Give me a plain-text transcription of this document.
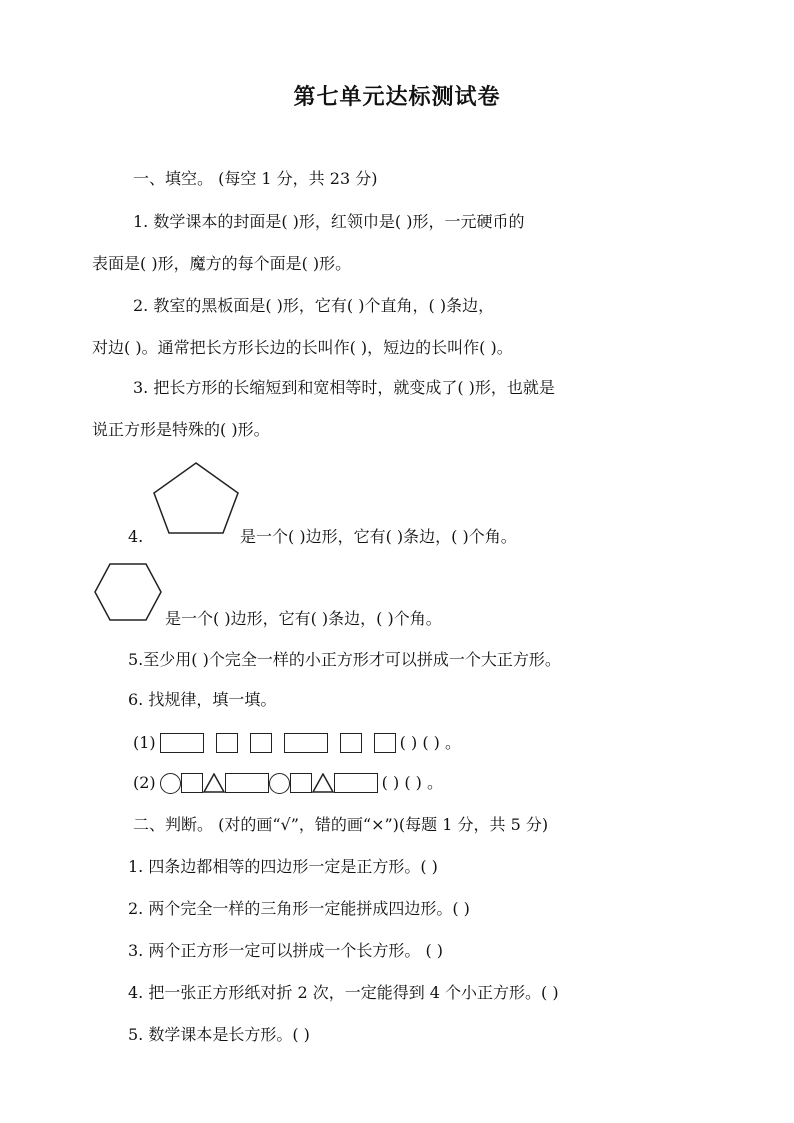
第七单元达标测试卷
一、填空。 (每空 1 分，共 23 分)
1. 数学课本的封面是( )形，红领巾是( )形，一元硬币的
表面是( )形，魔方的每个面是( )形。
2. 教室的黑板面是( )形，它有( )个直角，( )条边，
对边( )。通常把长方形长边的长叫作( )，短边的长叫作( )。
3. 把长方形的长缩短到和宽相等时，就变成了( )形，也就是
说正方形是特殊的( )形。
4.	是一个( )边形，它有( )条边，( )个角。
是一个( )边形，它有( )条边，( )个角。
5.至少用( )个完全一样的小正方形才可以拼成一个大正方形。
6. 找规律，填一填。
(1)	( ) ( ) 。
(2)	( ) ( ) 。
二、判断。 (对的画“√”，错的画“×”)(每题 1 分，共 5 分)
1. 四条边都相等的四边形一定是正方形。( )
2. 两个完全一样的三角形一定能拼成四边形。( )
3. 两个正方形一定可以拼成一个长方形。 ( )
4. 把一张正方形纸对折 2 次，一定能得到 4 个小正方形。( )
5. 数学课本是长方形。( )
